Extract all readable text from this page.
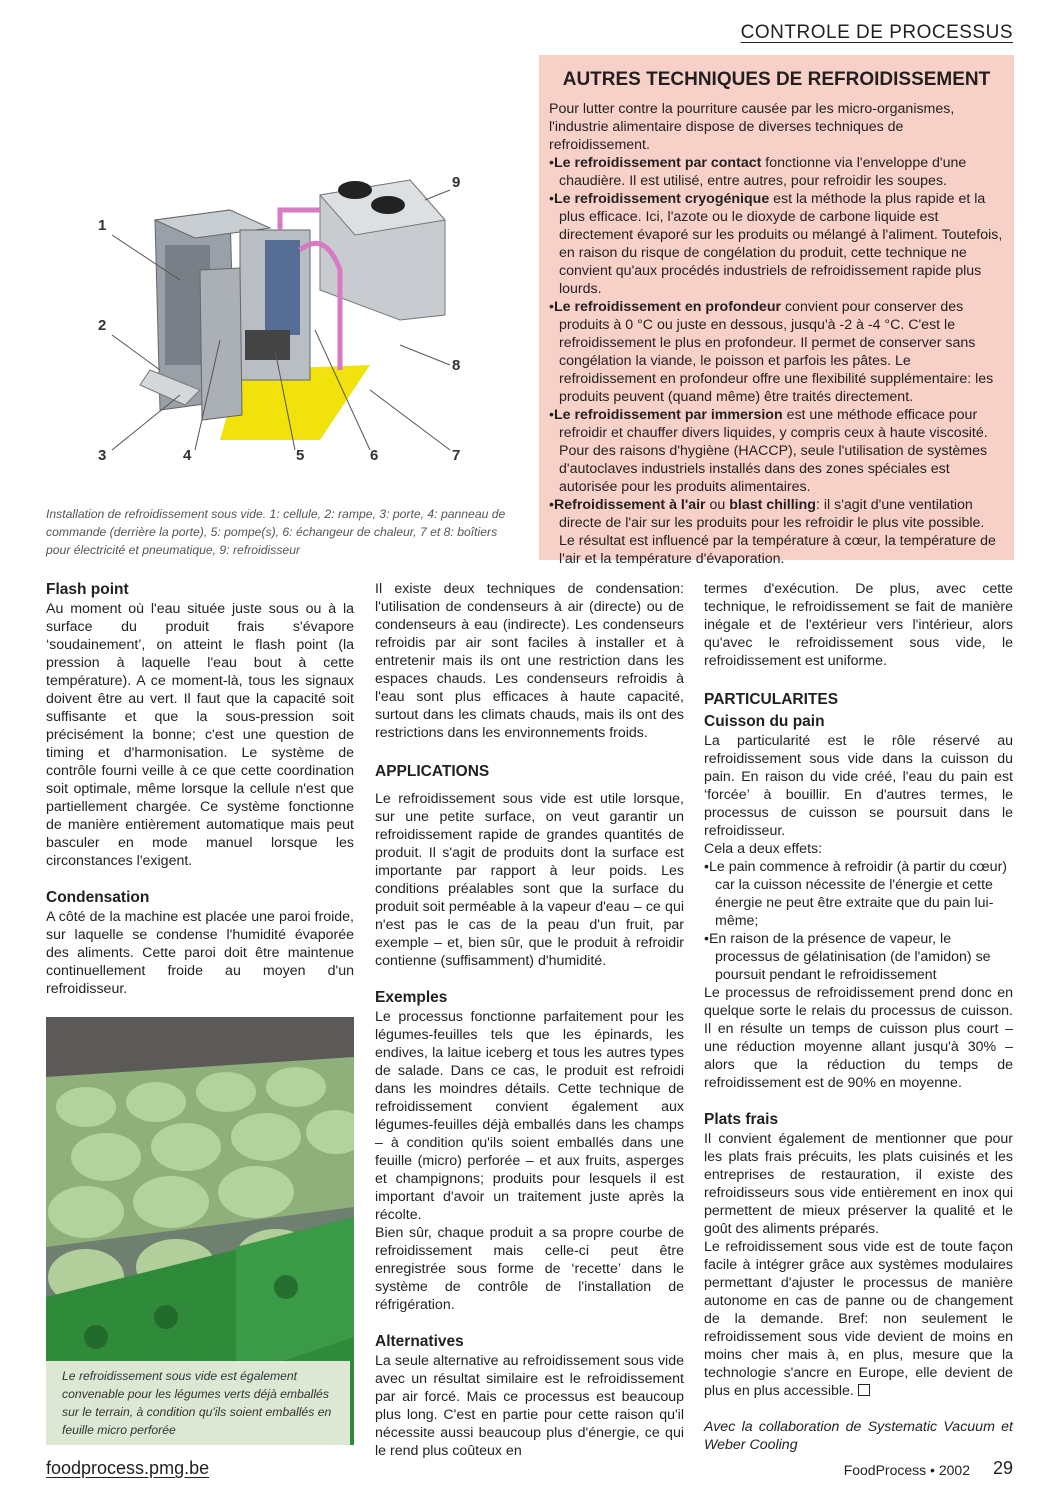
CONTROLE DE PROCESSUS
AUTRES TECHNIQUES DE REFROIDISSEMENT

Pour lutter contre la pourriture causée par les micro-organismes, l'industrie alimentaire dispose de diverses techniques de refroidissement.

•Le refroidissement par contact fonctionne via l'enveloppe d'une chaudière. Il est utilisé, entre autres, pour refroidir les soupes.
•Le refroidissement cryogénique est la méthode la plus rapide et la plus efficace. Ici, l'azote ou le dioxyde de carbone liquide est directement évaporé sur les produits ou mélangé à l'aliment. Toutefois, en raison du risque de congélation du produit, cette technique ne convient qu'aux procédés industriels de refroidissement rapide plus lourds.
•Le refroidissement en profondeur convient pour conserver des produits à 0 °C ou juste en dessous, jusqu'à -2 à -4 °C. C'est le refroidissement le plus en profondeur. Il permet de conserver sans congélation la viande, le poisson et parfois les pâtes. Le refroidissement en profondeur offre une flexibilité supplémentaire: les produits peuvent (quand même) être traités directement.
•Le refroidissement par immersion est une méthode efficace pour refroidir et chauffer divers liquides, y compris ceux à haute viscosité. Pour des raisons d'hygiène (HACCP), seule l'utilisation de systèmes d'autoclaves industriels installés dans des zones spéciales est autorisée pour les produits alimentaires.
•Refroidissement à l'air ou blast chilling: il s'agit d'une ventilation directe de l'air sur les produits pour les refroidir le plus vite possible. Le résultat est influencé par la température à cœur, la température de l'air et la température d'évaporation.
1
2
3	4	5	6	7
8
9
Installation de refroidissement sous vide. 1: cellule, 2: rampe, 3: porte, 4: panneau de commande (derrière la porte), 5: pompe(s), 6: échangeur de chaleur, 7 et 8: boîtiers pour électricité et pneumatique, 9: refroidisseur
Flash point

Au moment où l'eau située juste sous ou à la surface du produit frais s'évapore ‘soudainement’, on atteint le flash point (la pression à laquelle l'eau bout à cette température). A ce moment-là, tous les signaux doivent être au vert. Il faut que la capacité soit suffisante et que la sous-pression soit précisément la bonne; c'est une question de timing et d'harmonisation. Le système de contrôle fourni veille à ce que cette coordination soit optimale, même lorsque la cellule n'est que partiellement chargée. Ce système fonctionne de manière entièrement automatique mais peut basculer en mode manuel lorsque les circonstances l'exigent.

Condensation

A côté de la machine est placée une paroi froide, sur laquelle se condense l'humidité évaporée des aliments. Cette paroi doit être maintenue continuellement froide au moyen d'un refroidisseur.

Le refroidissement sous vide est également convenable pour les légumes verts déjà emballés sur le terrain, à condition qu'ils soient emballés en feuille micro perforée

Il existe deux techniques de condensation: l'utilisation de condenseurs à air (directe) ou de condenseurs à eau (indirecte). Les condenseurs refroidis par air sont faciles à installer et à entretenir mais ils ont une restriction dans les espaces chauds. Les condenseurs refroidis à l'eau sont plus efficaces à haute capacité, surtout dans les climats chauds, mais ils ont des restrictions dans les environnements froids.

APPLICATIONS

Le refroidissement sous vide est utile lorsque, sur une petite surface, on veut garantir un refroidissement rapide de grandes quantités de produit. Il s'agit de produits dont la surface est importante par rapport à leur poids. Les conditions préalables sont que la surface du produit soit perméable à la vapeur d'eau – ce qui n'est pas le cas de la peau d'un fruit, par exemple – et, bien sûr, que le produit à refroidir contienne (suffisamment) d'humidité.

Exemples

Le processus fonctionne parfaitement pour les légumes-feuilles tels que les épinards, les endives, la laitue iceberg et tous les autres types de salade. Dans ce cas, le produit est refroidi dans les moindres détails. Cette technique de refroidissement convient également aux légumes-feuilles déjà emballés dans les champs – à condition qu'ils soient emballés dans une feuille (micro) perforée – et aux fruits, asperges et champignons; produits pour lesquels il est important d'avoir un traitement juste après la récolte.

Bien sûr, chaque produit a sa propre courbe de refroidissement mais celle-ci peut être enregistrée sous forme de ‘recette’ dans le système de contrôle de l'installation de réfrigération.

Alternatives

La seule alternative au refroidissement sous vide avec un résultat similaire est le refroidissement par air forcé. Mais ce processus est beaucoup plus long. C'est en partie pour cette raison qu'il nécessite aussi beaucoup plus d'énergie, ce qui le rend plus coûteux en

termes d'exécution. De plus, avec cette technique, le refroidissement se fait de manière inégale et de l'extérieur vers l'intérieur, alors qu'avec le refroidissement sous vide, le refroidissement est uniforme.

PARTICULARITES
Cuisson du pain

La particularité est le rôle réservé au refroidissement sous vide dans la cuisson du pain. En raison du vide créé, l'eau du pain est ‘forcée’ à bouillir. En d'autres termes, le processus de cuisson se poursuit dans le refroidisseur.

Cela a deux effets:

•Le pain commence à refroidir (à partir du cœur) car la cuisson nécessite de l'énergie et cette énergie ne peut être extraite que du pain lui-même;

•En raison de la présence de vapeur, le processus de gélatinisation (de l'amidon) se poursuit pendant le refroidissement

Le processus de refroidissement prend donc en quelque sorte le relais du processus de cuisson. Il en résulte un temps de cuisson plus court – une réduction moyenne allant jusqu'à 30% – alors que la réduction du temps de refroidissement est de 90% en moyenne.

Plats frais

Il convient également de mentionner que pour les plats frais précuits, les plats cuisinés et les entreprises de restauration, il existe des refroidisseurs sous vide entièrement en inox qui permettent de mieux préserver la qualité et le goût des aliments préparés.

Le refroidissement sous vide est de toute façon facile à intégrer grâce aux systèmes modulaires permettant d'ajuster le processus de manière autonome en cas de panne ou de changement de la demande. Bref: non seulement le refroidissement sous vide devient de moins en moins cher mais à, en plus, mesure que la technologie s'ancre en Europe, elle devient de plus en plus accessible.

Avec la collaboration de Systematic Vacuum et Weber Cooling

foodprocess.pmg.be	FoodProcess • 2002 29
